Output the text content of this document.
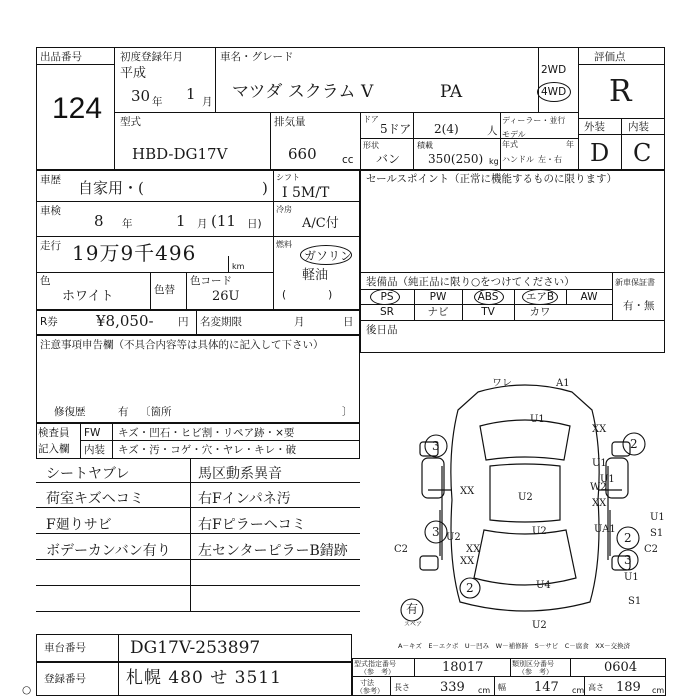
出品番号
124
初度登録年月
平成
30 年 1 月
車名・グレード
マツダ スクラム V	PA
2WD
4WD
評価点
R
外装 内装
D C
型式
HBD-DG17V
排気量
660 cc
ドア
5ドア
形状
バン
2(4)	人
積載
350(250) kg
ディーラー・並行
モデル
年式	年
ハンドル 左・右
車歴 自家用・(	)
シフト
I 5M/T
車検
8 年	1 月 (11 日)
冷房
A/C付
走行 19万9千496
km
燃料
ガソリン
軽油
(　　　　)
色
ホワイト	色替
色コード
26U
セールスポイント（正常に機能するものに限ります）
装備品（純正品に限り○をつけてください）	新車保証書
有・無
PS	PW	ABS	エアB	AW
SR	ナビ	TV	カワ
後日品
R券	¥8,050- 円 名変期限	月	日
注意事項申告欄（不具合内容等は具体的に記入して下さい）
修復歴	有 〔箇所	〕
検査員
記入欄
FW キズ・凹石・ヒビ割・リペア跡・×要
内装 キズ・汚・コゲ・穴・ヤレ・キレ・破
シートヤブレ	馬区動系異音
荷室キズヘコミ	右Fインパネ汚
F廻りサビ	右Fピラーヘコミ
ボデーカンバン有り 左センターピラーB錆跡
3	2
3	2
2
3
有
ワレ	A1
U1
XX
XX
U2
W2
U1
XX
U2	UA1
U1
S1
U1
U2
XX
XX
U4
U1
S1
U2
C2	C2
スペア
A－キズ　E－エクボ　U－凹み　W－補修跡　S－サビ　C－腐食　XX－交換済
車台番号	DG17V-253897
登録番号 札幌 480 せ 3511
型式指定番号
（参　考）	18017	類別区分番号
（参　考）	0604
寸法
（参考） 長さ 339 cm 幅 147 cm 高さ 189 cm
○
